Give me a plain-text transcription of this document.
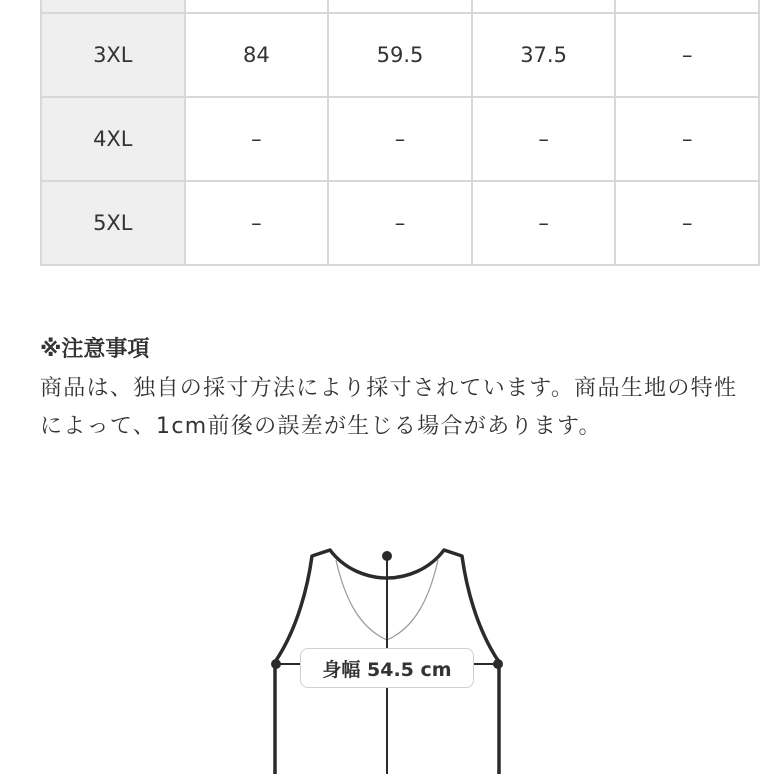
3XL	84	59.5	37.5	–
4XL	–	–	–	–
5XL	–	–	–	–

※注意事項

商品は、独自の採寸方法により採寸されています。商品生地の特性によって、1cm前後の誤差が生じる場合があります。

身幅 54.5 cm
